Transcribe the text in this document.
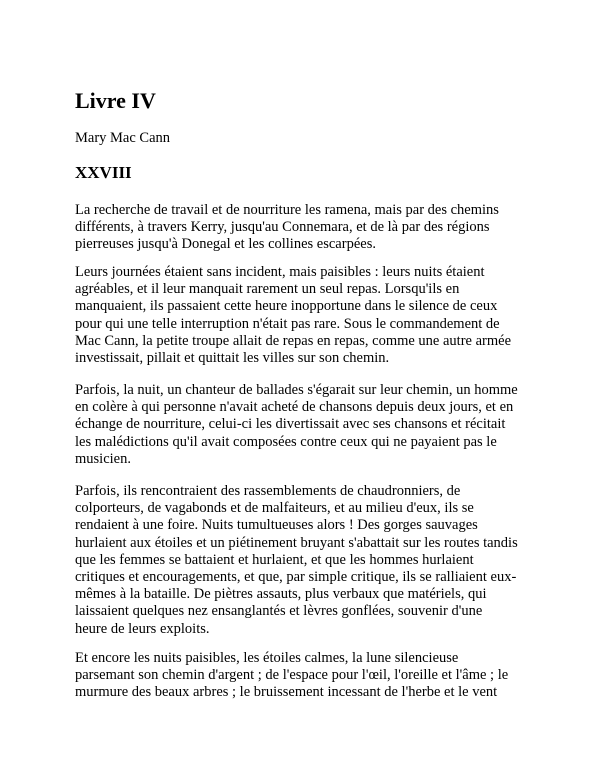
Livre IV

Mary Mac Cann

XXVIII

La recherche de travail et de nourriture les ramena, mais par des chemins
différents, à travers Kerry, jusqu'au Connemara, et de là par des régions
pierreuses jusqu'à Donegal et les collines escarpées.

Leurs journées étaient sans incident, mais paisibles : leurs nuits étaient
agréables, et il leur manquait rarement un seul repas. Lorsqu'ils en
manquaient, ils passaient cette heure inopportune dans le silence de ceux
pour qui une telle interruption n'était pas rare. Sous le commandement de
Mac Cann, la petite troupe allait de repas en repas, comme une autre armée
investissait, pillait et quittait les villes sur son chemin.

Parfois, la nuit, un chanteur de ballades s'égarait sur leur chemin, un homme
en colère à qui personne n'avait acheté de chansons depuis deux jours, et en
échange de nourriture, celui-ci les divertissait avec ses chansons et récitait
les malédictions qu'il avait composées contre ceux qui ne payaient pas le
musicien.

Parfois, ils rencontraient des rassemblements de chaudronniers, de
colporteurs, de vagabonds et de malfaiteurs, et au milieu d'eux, ils se
rendaient à une foire. Nuits tumultueuses alors ! Des gorges sauvages
hurlaient aux étoiles et un piétinement bruyant s'abattait sur les routes tandis
que les femmes se battaient et hurlaient, et que les hommes hurlaient
critiques et encouragements, et que, par simple critique, ils se ralliaient eux-
mêmes à la bataille. De piètres assauts, plus verbaux que matériels, qui
laissaient quelques nez ensanglantés et lèvres gonflées, souvenir d'une
heure de leurs exploits.

Et encore les nuits paisibles, les étoiles calmes, la lune silencieuse
parsemant son chemin d'argent ; de l'espace pour l'œil, l'oreille et l'âme ; le
murmure des beaux arbres ; le bruissement incessant de l'herbe et le vent
